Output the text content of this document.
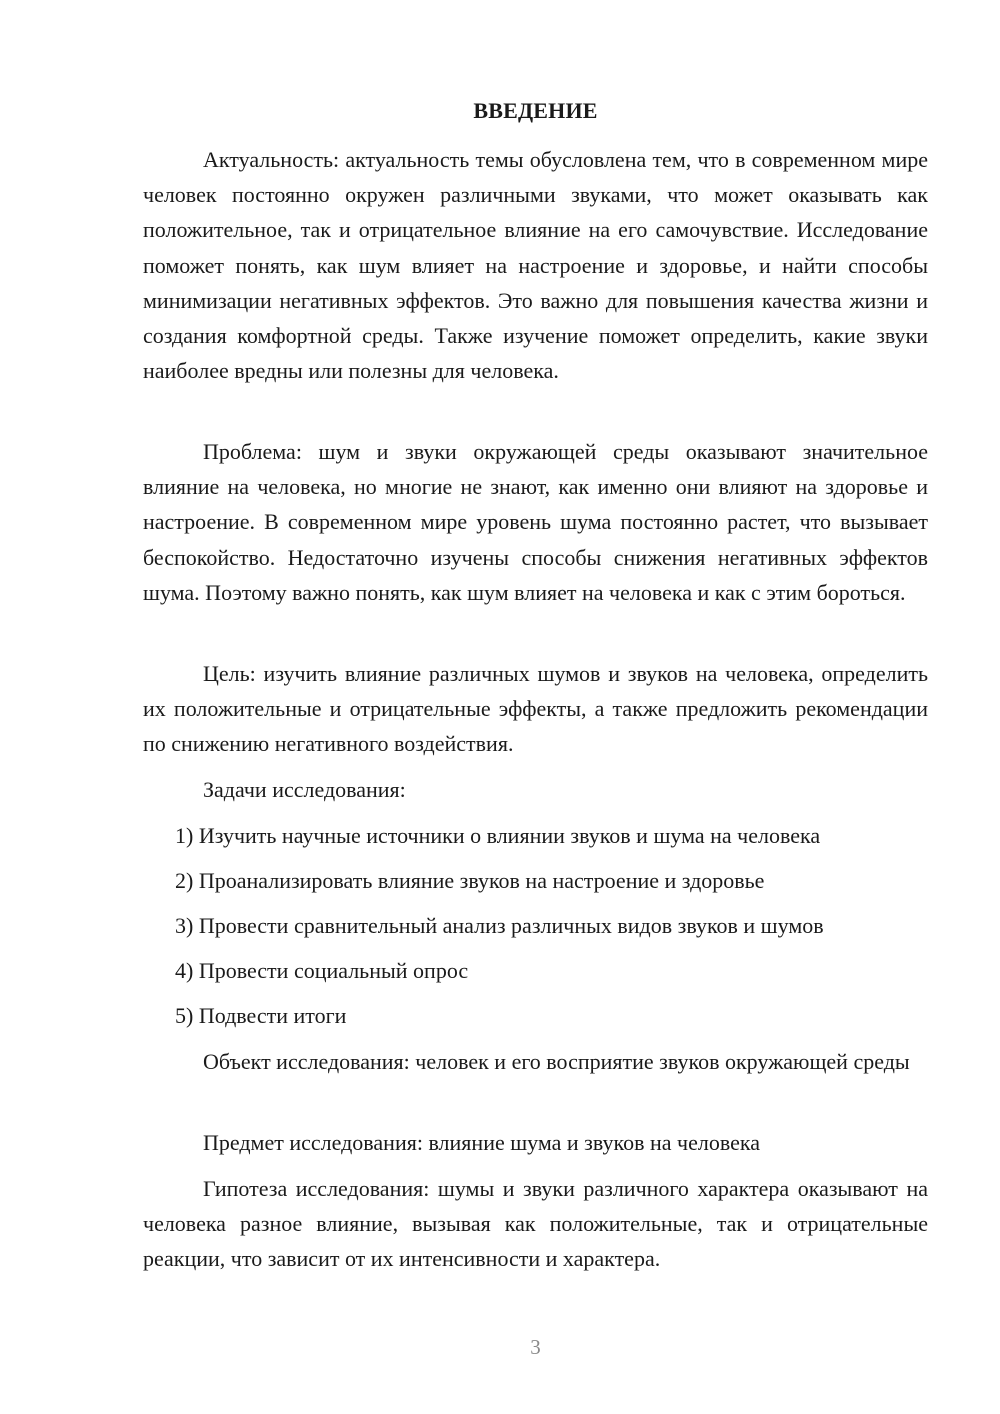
ВВЕДЕНИЕ
Актуальность: актуальность темы обусловлена тем, что в современном мире человек постоянно окружен различными звуками, что может оказывать как положительное, так и отрицательное влияние на его самочувствие. Исследование поможет понять, как шум влияет на настроение и здоровье, и найти способы минимизации негативных эффектов. Это важно для повышения качества жизни и создания комфортной среды. Также изучение поможет определить, какие звуки наиболее вредны или полезны для человека.
Проблема: шум и звуки окружающей среды оказывают значительное влияние на человека, но многие не знают, как именно они влияют на здоровье и настроение. В современном мире уровень шума постоянно растет, что вызывает беспокойство. Недостаточно изучены способы снижения негативных эффектов шума. Поэтому важно понять, как шум влияет на человека и как с этим бороться.
Цель: изучить влияние различных шумов и звуков на человека, определить их положительные и отрицательные эффекты, а также предложить рекомендации по снижению негативного воздействия.
Задачи исследования:
1) Изучить научные источники о влиянии звуков и шума на человека
2) Проанализировать влияние звуков на настроение и здоровье
3) Провести сравнительный анализ различных видов звуков и шумов
4) Провести социальный опрос
5) Подвести итоги
Объект исследования: человек и его восприятие звуков окружающей среды
Предмет исследования: влияние шума и звуков на человека
Гипотеза исследования: шумы и звуки различного характера оказывают на человека разное влияние, вызывая как положительные, так и отрицательные реакции, что зависит от их интенсивности и характера.
3
